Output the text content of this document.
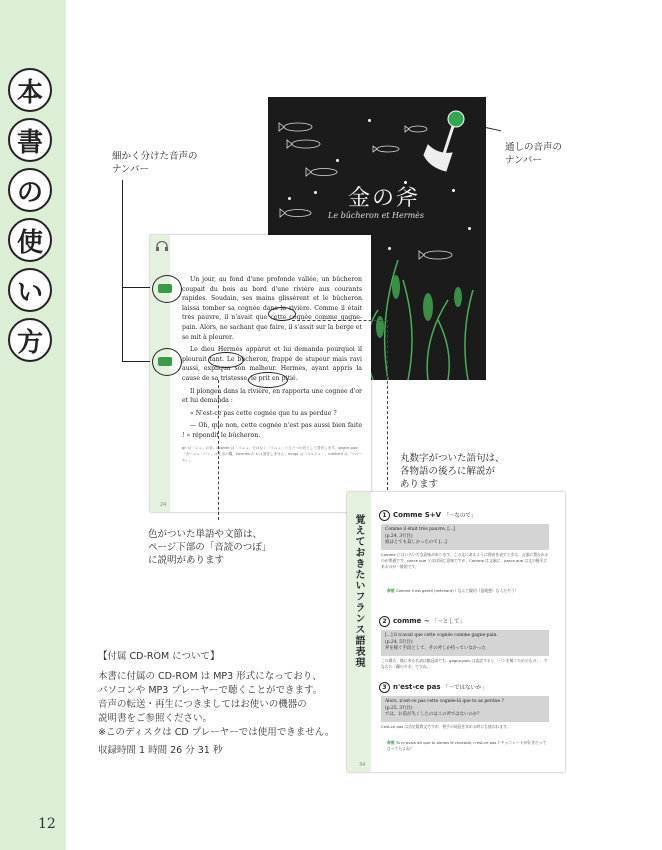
本
書
の
使
い
方
12
細かく分けた音声の
ナンバー
通しの音声の
ナンバー
金の斧
Le bûcheron et Hermès

Un jour, au fond d'une profonde vallée, un bûcheron coupait du bois au bord d'une rivière aux courants rapides. Soudain, ses mains glissèrent et le bûcheron laissa tomber sa cognée dans la rivière. Comme il était très pauvre, il n'avait que cette cognée comme gagne-pain. Alors, ne sachant que faire, il s'assit sur la berge et se mit à pleurer.

Le dieu Hermès apparut et lui demanda pourquoi il pleurait tant. Le bûcheron, frappé de stupeur mais ravi aussi, expliqua son malheur. Hermès, ayant appris la cause de sa tristesse, le prit en pitié.

Il plongea dans la rivière, en rapporta une cognée d'or et lui demanda :

« N'est-ce pas cette cognée que tu as perdue ?

— Oh, que non, cette cognée n'est pas aussi bien faite ! » répondit le bûcheron.

gn は「ニュ」の音。cognée は「コニュ」ではなく「コニェ」とひとつの音として発音します。gagne-pain「ガーニュ・パン」は生活の糧。Hermès の h は発音しません。berge は「ベルジュ」。malheur は「マルール」。
24
丸数字がついた語句は、
各物語の後ろに解説が
あります
色がついた単語や文節は、
ページ下部の「音読のつぼ」
に説明があります	覚えておきたいフランス語表現	1 Comme S+V 「〜なので」
Comme il était très pauvre, [...]
(p.24, 3行目)
彼はとても貧しかったので [...]
Comme にはいろいろな意味があります。この文にあるように理由を表すときは、文頭に置かれるのが普通です。parce que とほぼ同じ意味ですが、Comme は文頭に、parce que は文の後半に来るのが一般的です。
参照 Comme il est gentil (méchant) ! なんて親切（意地悪）な人だろう！
2 comme ~ 「〜として」
[...] il n'avait que cette cognée comme gagne-pain.
(p.24, 5行目)
斧を稼ぐ手段として、その斧しか持っていなかった
この場合、後に来る名詞は無冠詞です。gagne-pain は直訳すると「パンを稼ぐためのもの」、すなわち「糧のタネ」ですね。
3 n'est-ce pas 「〜ではないか」
Alors, n'est-ce pas cette cognée-là que tu as perdue ?
(p.25, 3行目)
では、お前が失くしたのはこの斧ではないのか？
Cest-ce pas は否定疑問文ですが、相手の同意を求める時にも使われます。
参照 Tu m'avais dit que tu aimais le chocolat, n'est-ce pas ? チョコレートが好きだって言ってたよね？
34
【付属 CD-ROM について】
本書に付属の CD-ROM は MP3 形式になっており、
パソコンや MP3 プレーヤーで聴くことができます。
音声の転送・再生につきましてはお使いの機器の
説明書をご参照ください。
※このディスクは CD プレーヤーでは使用できません。
収録時間 1 時間 26 分 31 秒
